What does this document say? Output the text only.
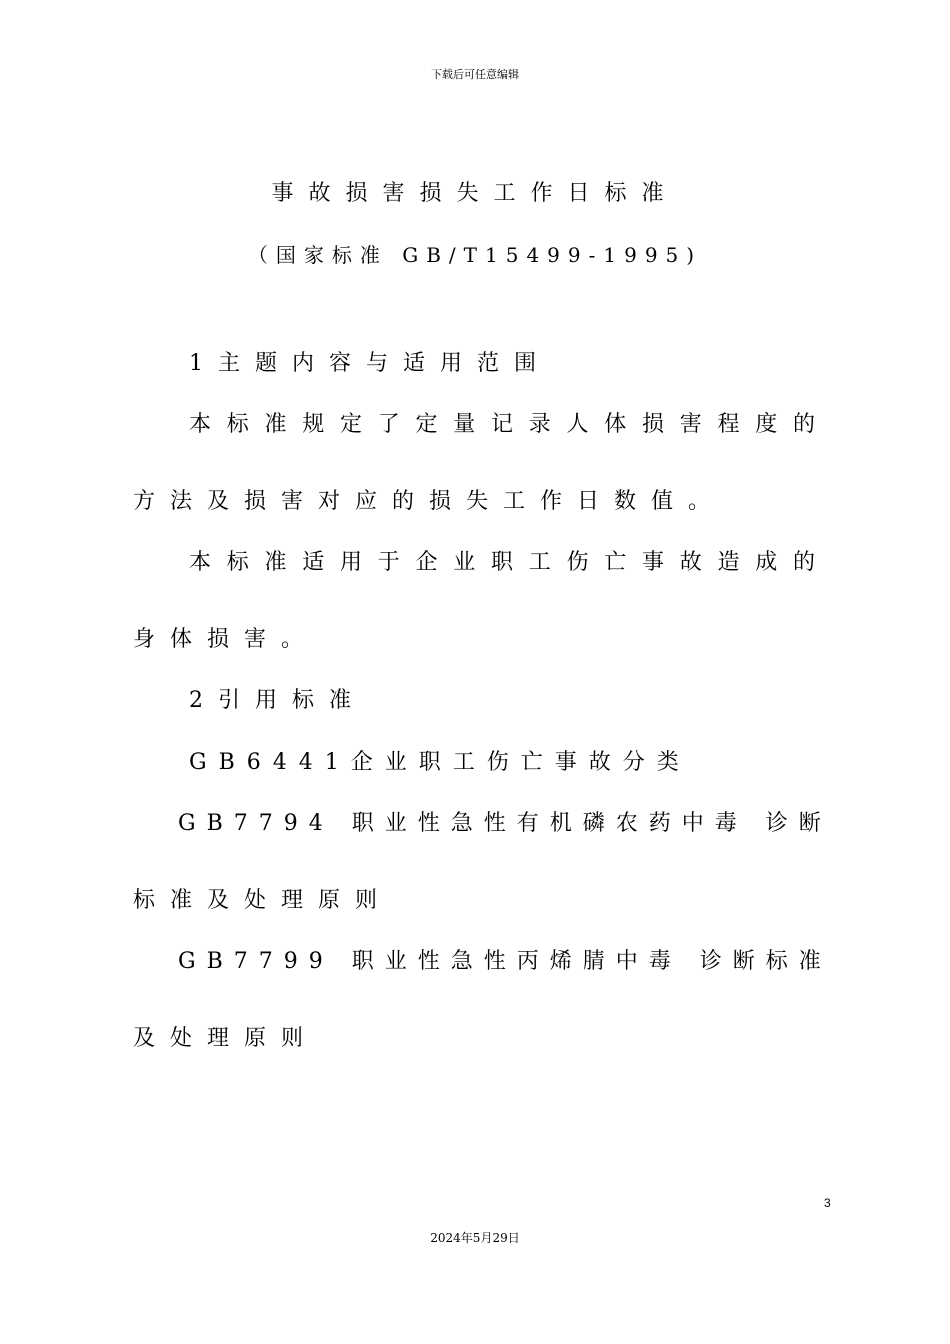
下载后可任意编辑
事故损害损失工作日标准
（国家标准 GB/T15499-1995)
1主题内容与适用范围
本标准规定了定量记录人体损害程度的
方法及损害对应的损失工作日数值。
本标准适用于企业职工伤亡事故造成的
身体损害。
2引用标准
GB6441企业职工伤亡事故分类
GB7794 职业性急性有机磷农药中毒 诊断
标准及处理原则
GB7799 职业性急性丙烯腈中毒 诊断标准
及处理原则
3
2024年5月29日
